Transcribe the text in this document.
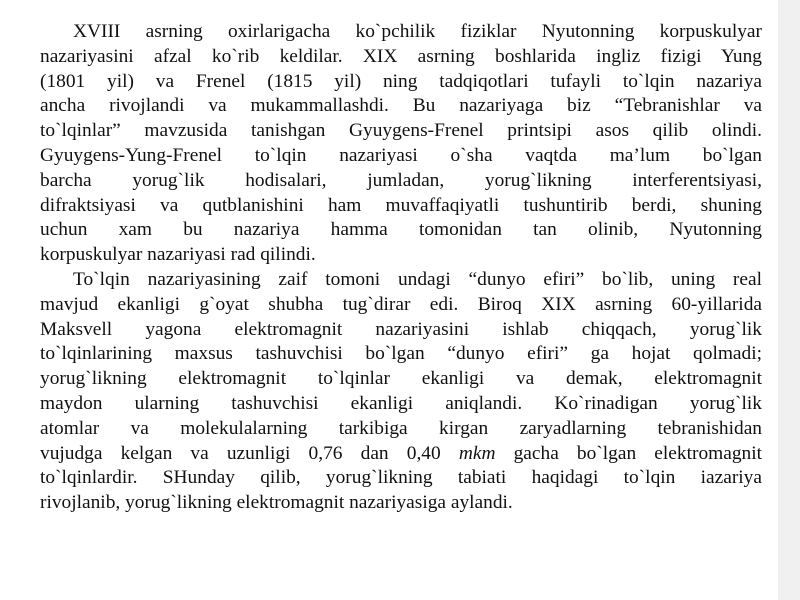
XVIII asrning oxirlarigacha ko`pchilik fiziklar Nyutonning korpuskulyar
nazariyasini afzal ko`rib keldilar. XIX asrning boshlarida ingliz fizigi Yung
(1801 yil) va Frenel (1815 yil) ning tadqiqotlari tufayli to`lqin nazariya
ancha rivojlandi va mukammallashdi. Bu nazariyaga biz “Tebranishlar va
to`lqinlar” mavzusida tanishgan Gyuygens-Frenel printsipi asos qilib olindi.
Gyuygens-Yung-Frenel to`lqin nazariyasi o`sha vaqtda ma’lum bo`lgan
barcha yorug`lik hodisalari, jumladan, yorug`likning interferentsiyasi,
difraktsiyasi va qutblanishini ham muvaffaqiyatli tushuntirib berdi, shuning
uchun xam bu nazariya hamma tomonidan tan olinib, Nyutonning
korpuskulyar nazariyasi rad qilindi.
To`lqin nazariyasining zaif tomoni undagi “dunyo efiri” bo`lib, uning real
mavjud ekanligi g`oyat shubha tug`dirar edi. Biroq XIX asrning 60-yillarida
Maksvell yagona elektromagnit nazariyasini ishlab chiqqach, yorug`lik
to`lqinlarining maxsus tashuvchisi bo`lgan “dunyo efiri” ga hojat qolmadi;
yorug`likning elektromagnit to`lqinlar ekanligi va demak, elektromagnit
maydon ularning tashuvchisi ekanligi aniqlandi. Ko`rinadigan yorug`lik
atomlar va molekulalarning tarkibiga kirgan zaryadlarning tebranishidan
vujudga kelgan va uzunligi 0,76 dan 0,40 mkm gacha bo`lgan elektromagnit
to`lqinlardir. SHunday qilib, yorug`likning tabiati haqidagi to`lqin iazariya
rivojlanib, yorug`likning elektromagnit nazariyasiga aylandi.
